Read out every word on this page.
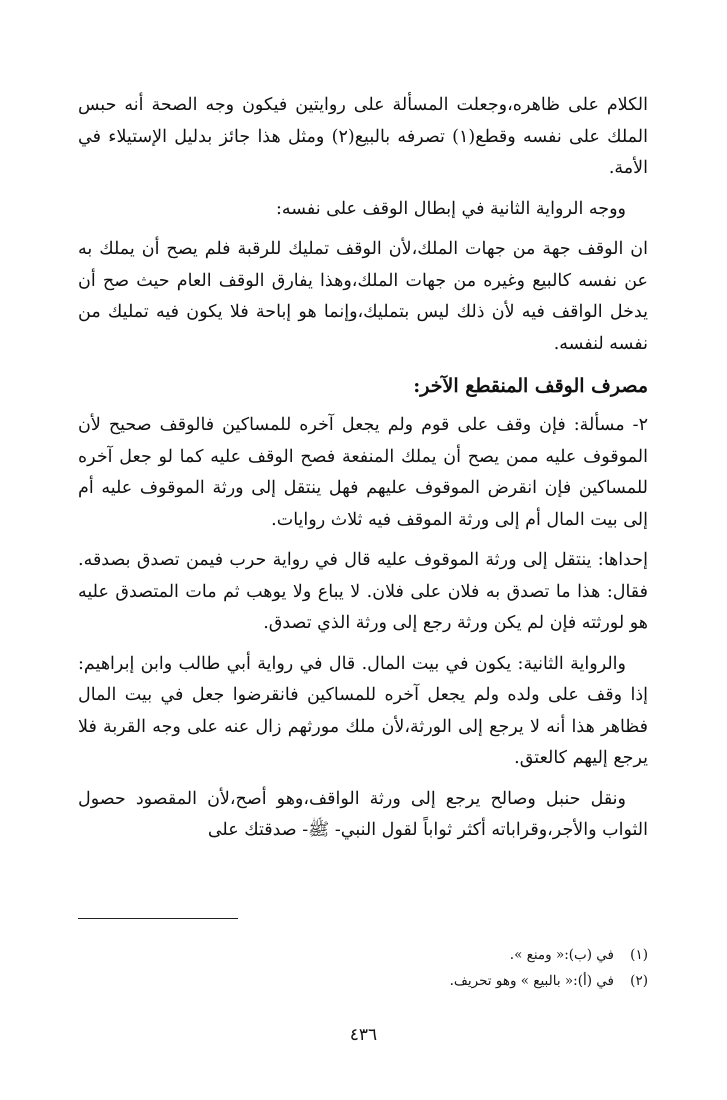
الكلام على ظاهره،وجعلت المسألة على روايتين فيكون وجه الصحة أنه حبس الملك على نفسه وقطع(١) تصرفه بالبيع(٢) ومثل هذا جائز بدليل الإستيلاء في الأمة.

ووجه الرواية الثانية في إبطال الوقف على نفسه:

ان الوقف جهة من جهات الملك،لأن الوقف تمليك للرقبة فلم يصح أن يملك به عن نفسه كالبيع وغيره من جهات الملك،وهذا يفارق الوقف العام حيث صح أن يدخل الواقف فيه لأن ذلك ليس بتمليك،وإنما هو إباحة فلا يكون فيه تمليك من نفسه لنفسه.

مصرف الوقف المنقطع الآخر:

٢- مسألة: فإن وقف على قوم ولم يجعل آخره للمساكين فالوقف صحيح لأن الموقوف عليه ممن يصح أن يملك المنفعة فصح الوقف عليه كما لو جعل آخره للمساكين فإن انقرض الموقوف عليهم فهل ينتقل إلى ورثة الموقوف عليه أم إلى بيت المال أم إلى ورثة الموقف فيه ثلاث روايات.

إحداها: ينتقل إلى ورثة الموقوف عليه قال في رواية حرب فيمن تصدق بصدقه. فقال: هذا ما تصدق به فلان على فلان. لا يباع ولا يوهب ثم مات المتصدق عليه هو لورثته فإن لم يكن ورثة رجع إلى ورثة الذي تصدق.

والرواية الثانية: يكون في بيت المال. قال في رواية أبي طالب وابن إبراهيم: إذا وقف على ولده ولم يجعل آخره للمساكين فانقرضوا جعل في بيت المال فظاهر هذا أنه لا يرجع إلى الورثة،لأن ملك مورثهم زال عنه على وجه القربة فلا يرجع إليهم كالعتق.

ونقل حنبل وصالح يرجع إلى ورثة الواقف،وهو أصح،لأن المقصود حصول الثواب والأجر،وقراباته أكثر ثواباً لقول النبي- ﷺ- صدقتك على

(١)في (ب):« ومنع ».
(٢)في (أ):« بالبيع » وهو تحريف.
٤٣٦
